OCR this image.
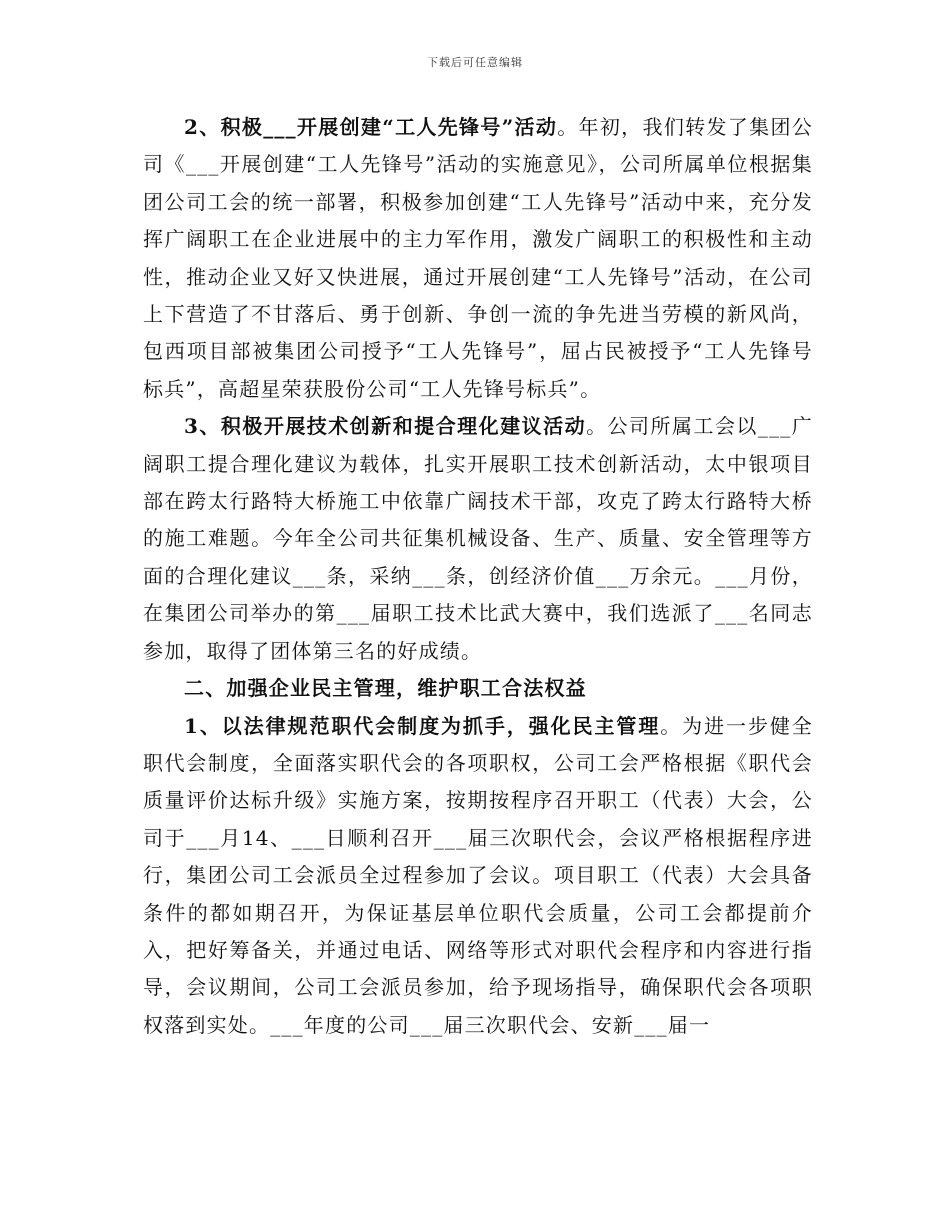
下载后可任意编辑

2、积极___开展创建“工人先锋号”活动。年初，我们转发了集团公司《___开展创建“工人先锋号”活动的实施意见》，公司所属单位根据集团公司工会的统一部署，积极参加创建“工人先锋号”活动中来，充分发挥广阔职工在企业进展中的主力军作用，激发广阔职工的积极性和主动性，推动企业又好又快进展，通过开展创建“工人先锋号”活动，在公司上下营造了不甘落后、勇于创新、争创一流的争先进当劳模的新风尚，包西项目部被集团公司授予“工人先锋号”，屈占民被授予“工人先锋号标兵”，高超星荣获股份公司“工人先锋号标兵”。

3、积极开展技术创新和提合理化建议活动。公司所属工会以___广阔职工提合理化建议为载体，扎实开展职工技术创新活动，太中银项目部在跨太行路特大桥施工中依靠广阔技术干部，攻克了跨太行路特大桥的施工难题。今年全公司共征集机械设备、生产、质量、安全管理等方面的合理化建议___条，采纳___条，创经济价值___万余元。___月份，在集团公司举办的第___届职工技术比武大赛中，我们选派了___名同志参加，取得了团体第三名的好成绩。

二、加强企业民主管理，维护职工合法权益

1、以法律规范职代会制度为抓手，强化民主管理。为进一步健全职代会制度，全面落实职代会的各项职权，公司工会严格根据《职代会质量评价达标升级》实施方案，按期按程序召开职工（代表）大会，公司于___月14、___日顺利召开___届三次职代会，会议严格根据程序进行，集团公司工会派员全过程参加了会议。项目职工（代表）大会具备条件的都如期召开，为保证基层单位职代会质量，公司工会都提前介入，把好筹备关，并通过电话、网络等形式对职代会程序和内容进行指导，会议期间，公司工会派员参加，给予现场指导，确保职代会各项职权落到实处。___年度的公司___届三次职代会、安新___届一
